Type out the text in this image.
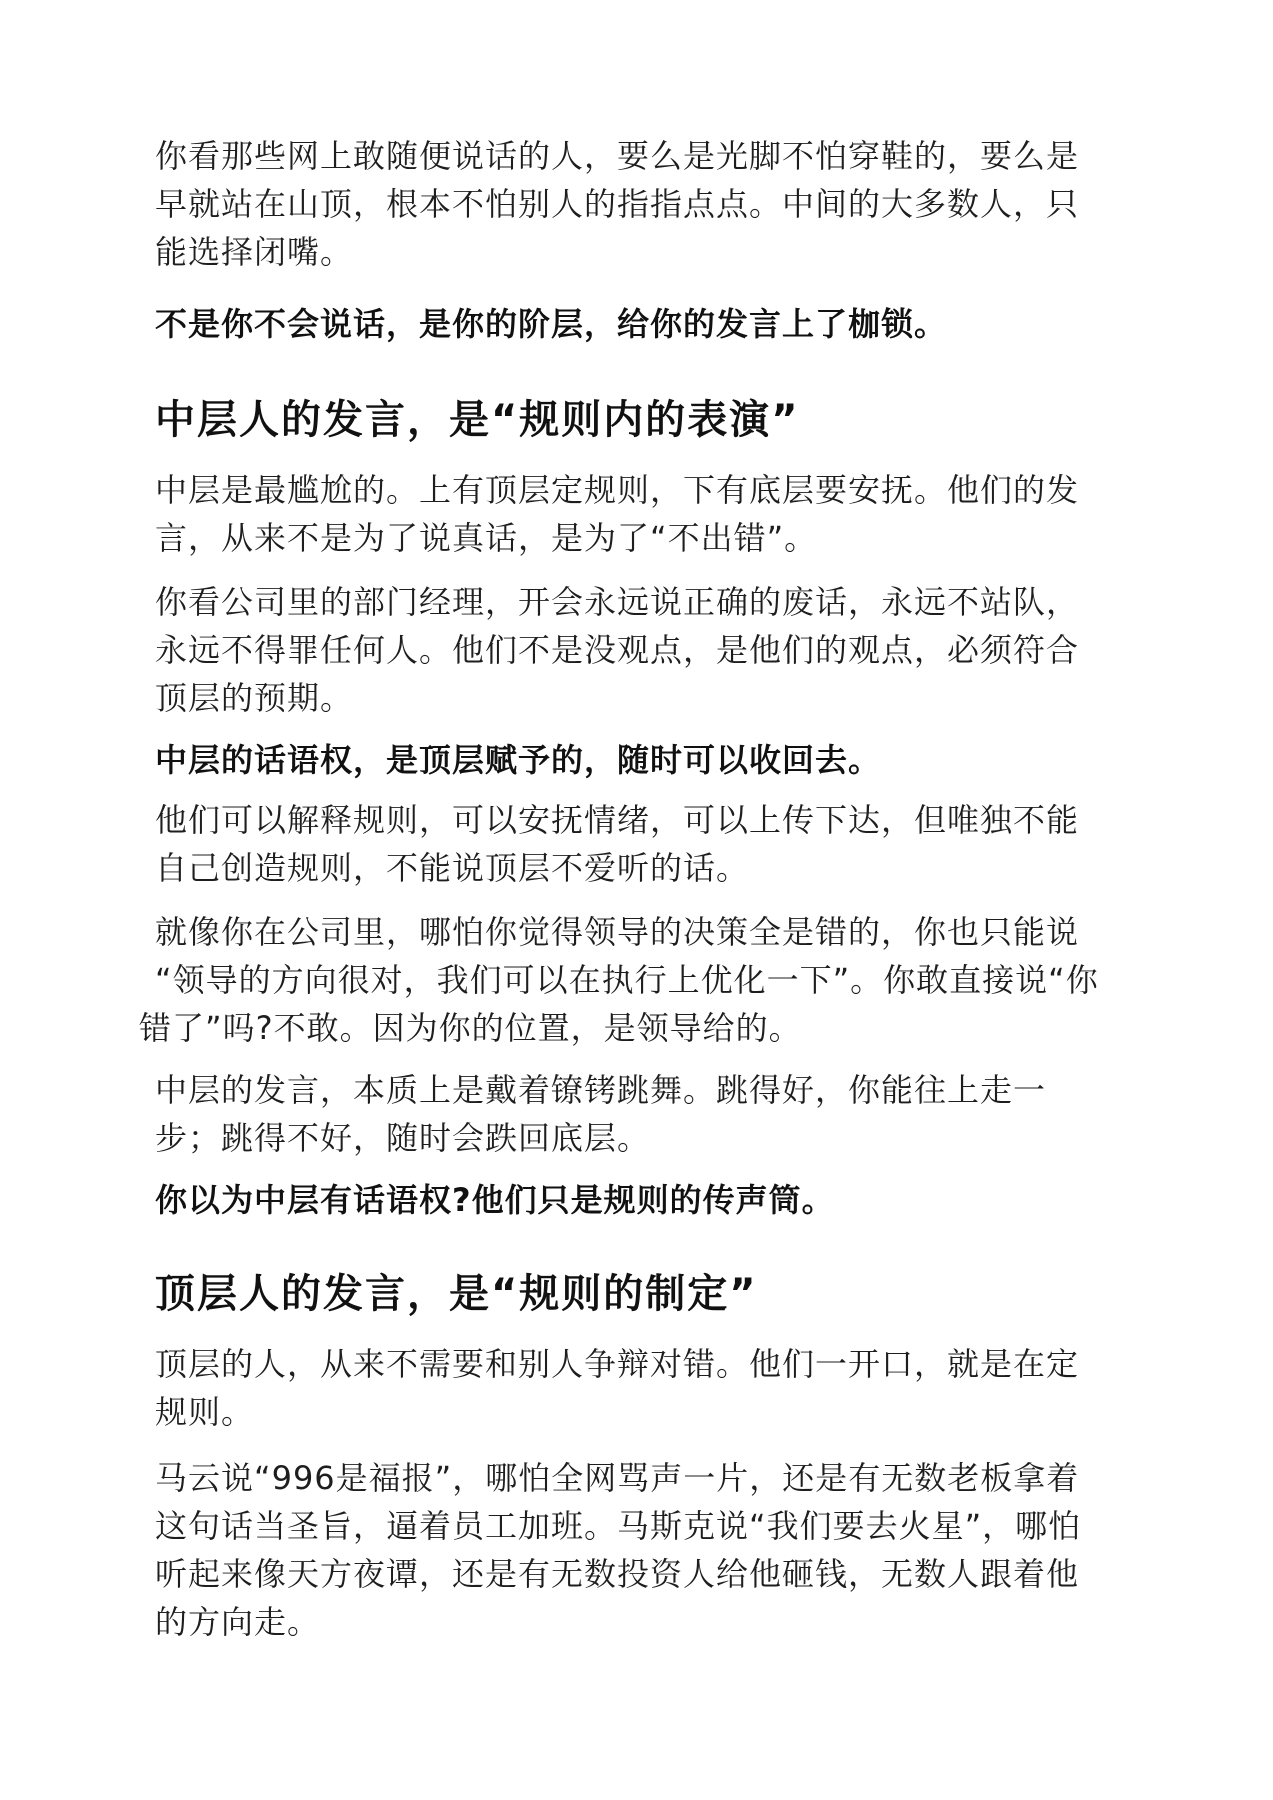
你看那些网上敢随便说话的人，要么是光脚不怕穿鞋的，要么是
早就站在山顶，根本不怕别人的指指点点。中间的大多数人，只
能选择闭嘴。

不是你不会说话，是你的阶层，给你的发言上了枷锁。

中层人的发言，是“规则内的表演”

中层是最尴尬的。上有顶层定规则，下有底层要安抚。他们的发
言，从来不是为了说真话，是为了“不出错”。

你看公司里的部门经理，开会永远说正确的废话，永远不站队，
永远不得罪任何人。他们不是没观点，是他们的观点，必须符合
顶层的预期。

中层的话语权，是顶层赋予的，随时可以收回去。

他们可以解释规则，可以安抚情绪，可以上传下达，但唯独不能
自己创造规则，不能说顶层不爱听的话。

就像你在公司里，哪怕你觉得领导的决策全是错的，你也只能说
“领导的方向很对，我们可以在执行上优化一下”。你敢直接说“你
错了”吗?不敢。因为你的位置，是领导给的。

中层的发言，本质上是戴着镣铐跳舞。跳得好，你能往上走一
步；跳得不好，随时会跌回底层。

你以为中层有话语权?他们只是规则的传声筒。

顶层人的发言，是“规则的制定”

顶层的人，从来不需要和别人争辩对错。他们一开口，就是在定
规则。

马云说“996是福报”，哪怕全网骂声一片，还是有无数老板拿着
这句话当圣旨，逼着员工加班。马斯克说“我们要去火星”，哪怕
听起来像天方夜谭，还是有无数投资人给他砸钱，无数人跟着他
的方向走。
